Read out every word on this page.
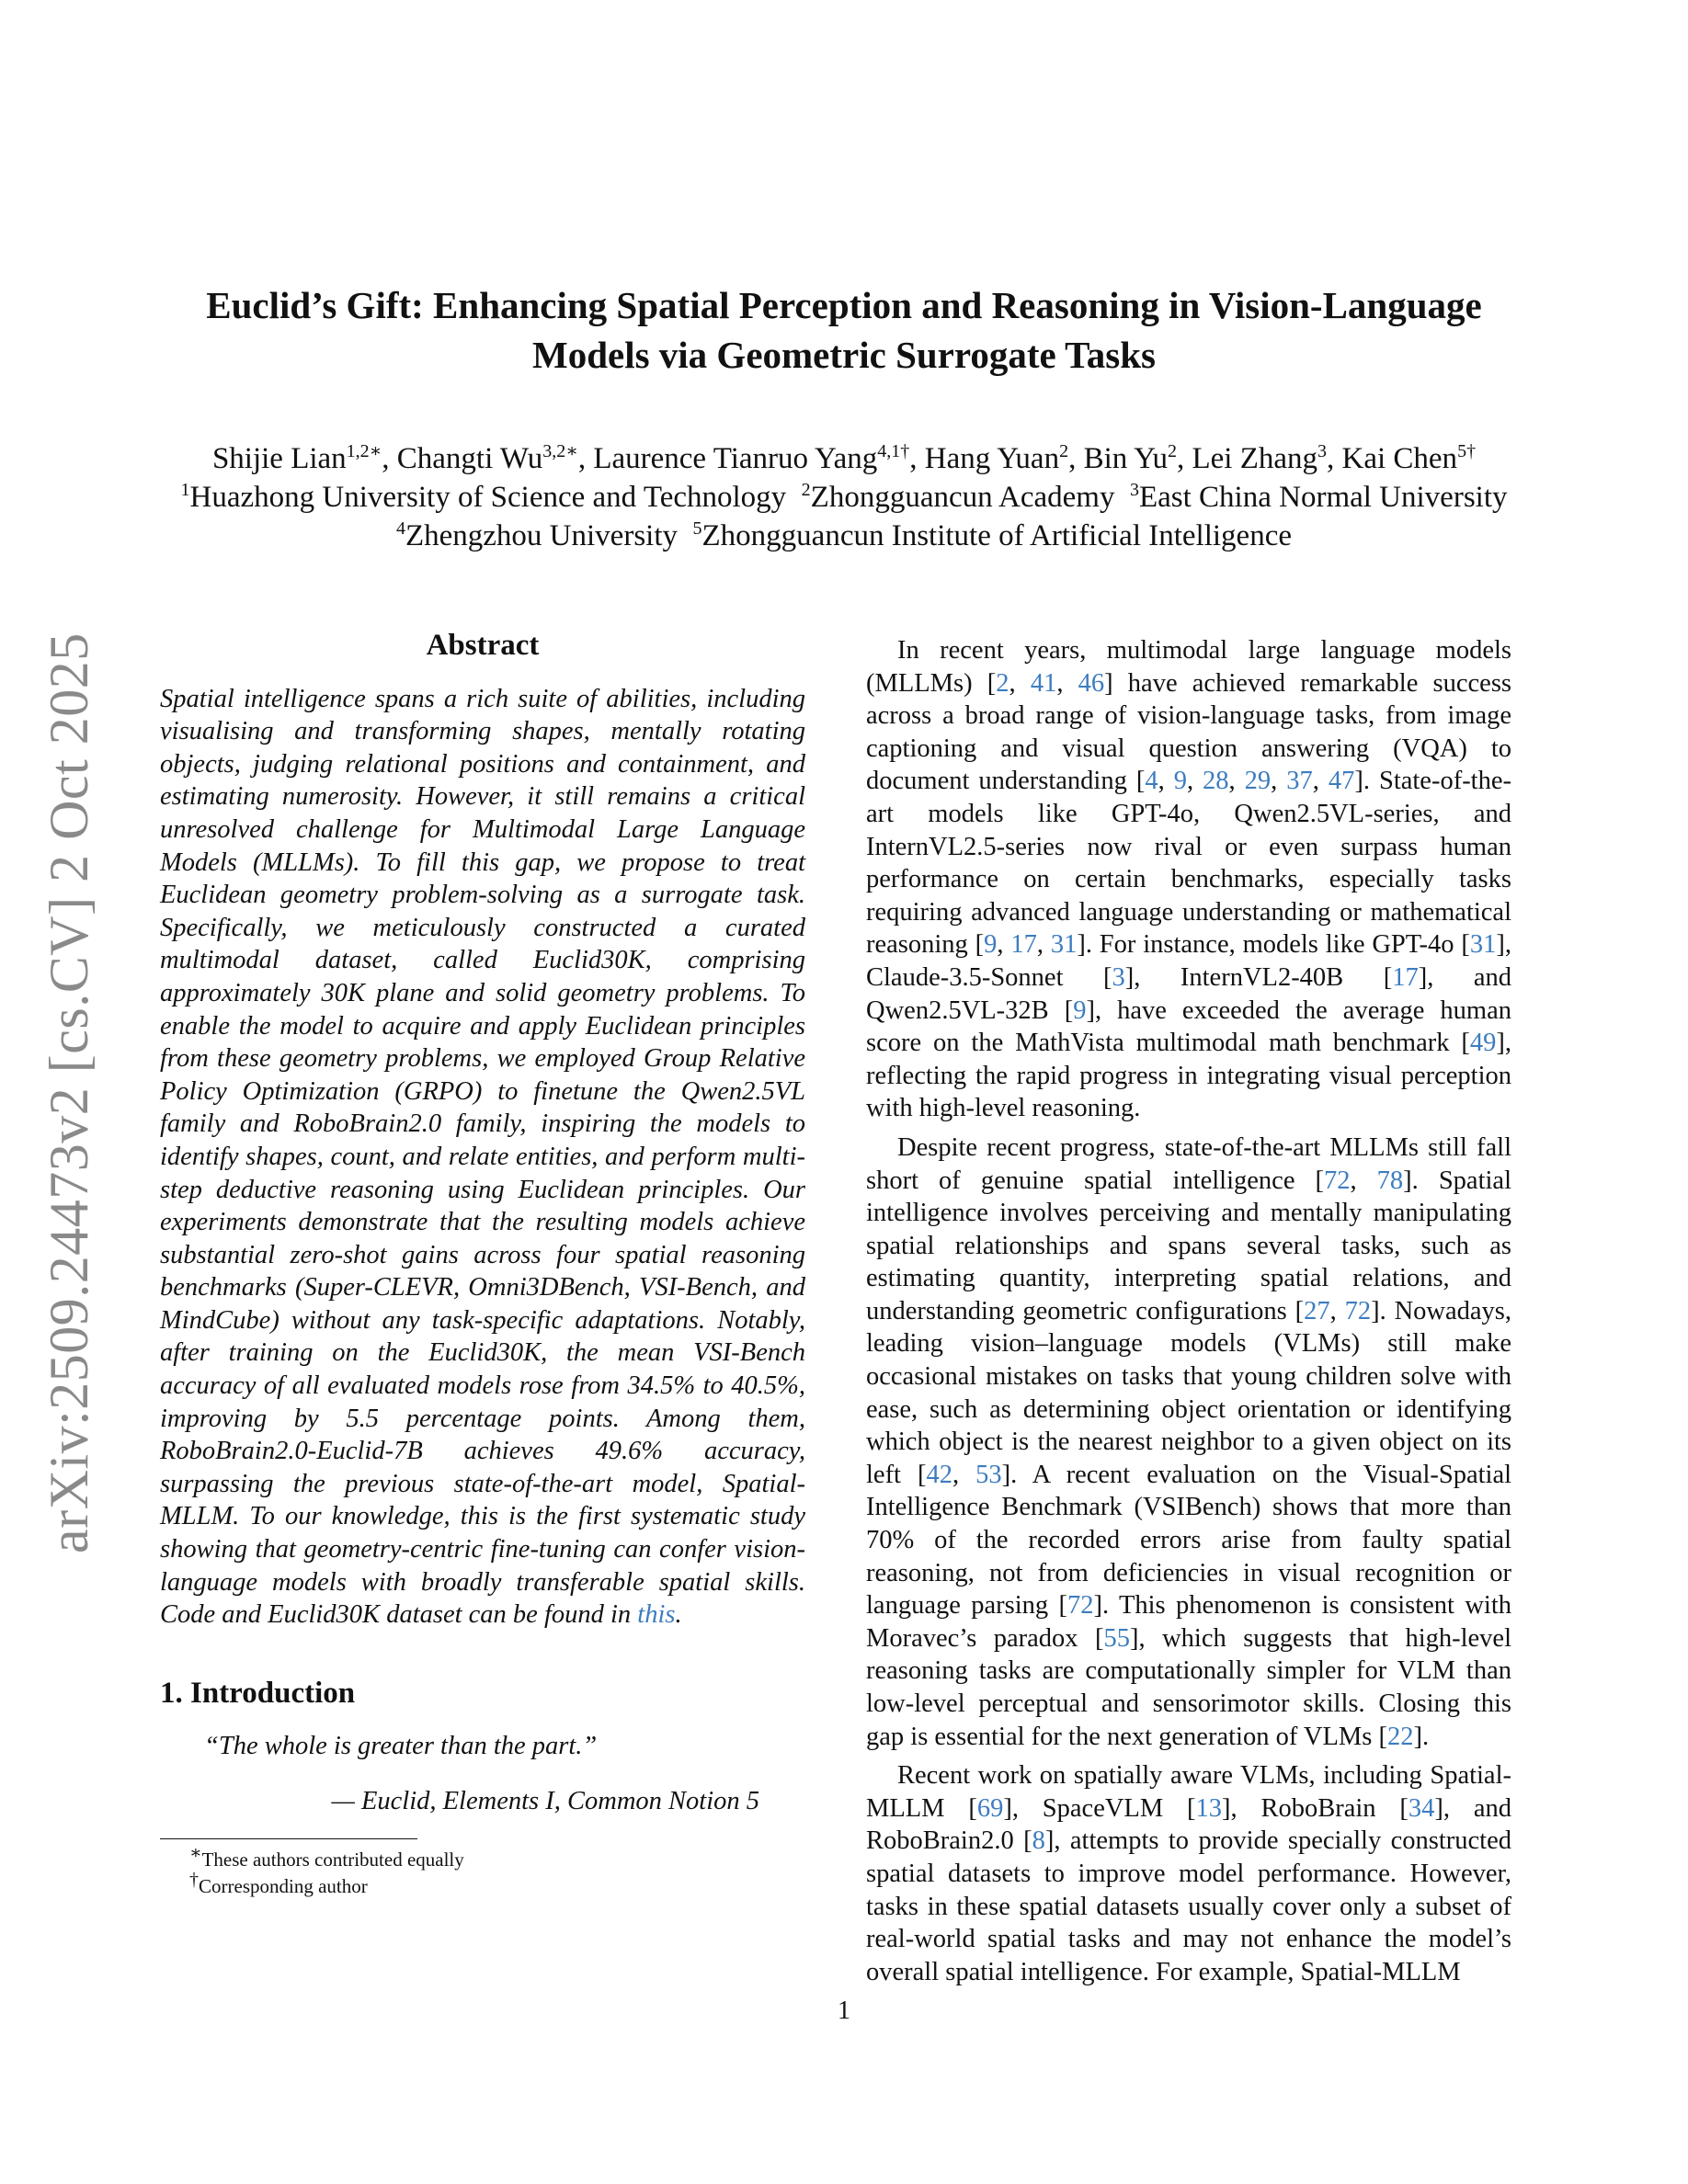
Euclid’s Gift: Enhancing Spatial Perception and Reasoning in Vision-Language
Models via Geometric Surrogate Tasks
Shijie Lian$^{1,2∗}$, Changti $Wu^{3,2∗}$, Laurence Tianruo Yang$^{4,1\dagger}$, Hang Yuan$^2$, Bin Yu$^2$, Lei Zhang$^3$, Kai Chen$^{5\dagger}$
$^1$Huazhong University of Science and Technology $^2$Zhongguancun Academy $^3$East China Normal University
$^4$Zhengzhou University $^5$Zhongguancun Institute of Artificial Intelligence
arXiv:2509.24473v2 [cs.CV] 2 Oct 2025	Abstract

Spatial intelligence spans a rich suite of abilities, including visualising and transforming shapes, mentally rotating objects, judging relational positions and containment, and estimating numerosity. However, it still remains a critical unresolved challenge for Multimodal Large Language Models (MLLMs). To fill this gap, we propose to treat Euclidean geometry problem-solving as a surrogate task. Specifically, we meticulously constructed a curated multimodal dataset, called Euclid30K, comprising approximately 30K plane and solid geometry problems. To enable the model to acquire and apply Euclidean principles from these geometry problems, we employed Group Relative Policy Optimization (GRPO) to finetune the Qwen2.5VL family and RoboBrain2.0 family, inspiring the models to identify shapes, count, and relate entities, and perform multi-step deductive reasoning using Euclidean principles. Our experiments demonstrate that the resulting models achieve substantial zero-shot gains across four spatial reasoning benchmarks (Super-CLEVR, Omni3DBench, VSI-Bench, and MindCube) without any task-specific adaptations. Notably, after training on the Euclid30K, the mean VSI-Bench accuracy of all evaluated models rose from 34.5% to 40.5%, improving by 5.5 percentage points. Among them, RoboBrain2.0-Euclid-7B achieves 49.6% accuracy, surpassing the previous state-of-the-art model, Spatial-MLLM. To our knowledge, this is the first systematic study showing that geometry-centric fine-tuning can confer vision-language models with broadly transferable spatial skills. Code and Euclid30K dataset can be found in this.

1. Introduction
“The whole is greater than the part.”
— Euclid, Elements I, Common Notion 5
∗These authors contributed equally
†Corresponding author

In recent years, multimodal large language models (MLLMs) [2, 41, 46] have achieved remarkable success across a broad range of vision-language tasks, from image captioning and visual question answering (VQA) to document understanding [4, 9, 28, 29, 37, 47]. State-of-the-art models like GPT-4o, Qwen2.5VL-series, and InternVL2.5-series now rival or even surpass human performance on certain benchmarks, especially tasks requiring advanced language understanding or mathematical reasoning [9, 17, 31]. For instance, models like GPT-4o [31], Claude-3.5-Sonnet [3], InternVL2-40B [17], and Qwen2.5VL-32B [9], have exceeded the average human score on the MathVista multimodal math benchmark [49], reflecting the rapid progress in integrating visual perception with high-level reasoning.

Despite recent progress, state-of-the-art MLLMs still fall short of genuine spatial intelligence [72, 78]. Spatial intelligence involves perceiving and mentally manipulating spatial relationships and spans several tasks, such as estimating quantity, interpreting spatial relations, and understanding geometric configurations [27, 72]. Nowadays, leading vision–language models (VLMs) still make occasional mistakes on tasks that young children solve with ease, such as determining object orientation or identifying which object is the nearest neighbor to a given object on its left [42, 53]. A recent evaluation on the Visual-Spatial Intelligence Benchmark (VSIBench) shows that more than 70% of the recorded errors arise from faulty spatial reasoning, not from deficiencies in visual recognition or language parsing [72]. This phenomenon is consistent with Moravec’s paradox [55], which suggests that high-level reasoning tasks are computationally simpler for VLM than low-level perceptual and sensorimotor skills. Closing this gap is essential for the next generation of VLMs [22].

Recent work on spatially aware VLMs, including Spatial-MLLM [69], SpaceVLM [13], RoboBrain [34], and RoboBrain2.0 [8], attempts to provide specially constructed spatial datasets to improve model performance. However, tasks in these spatial datasets usually cover only a subset of real-world spatial tasks and may not enhance the model’s overall spatial intelligence. For example, Spatial-MLLM

1
